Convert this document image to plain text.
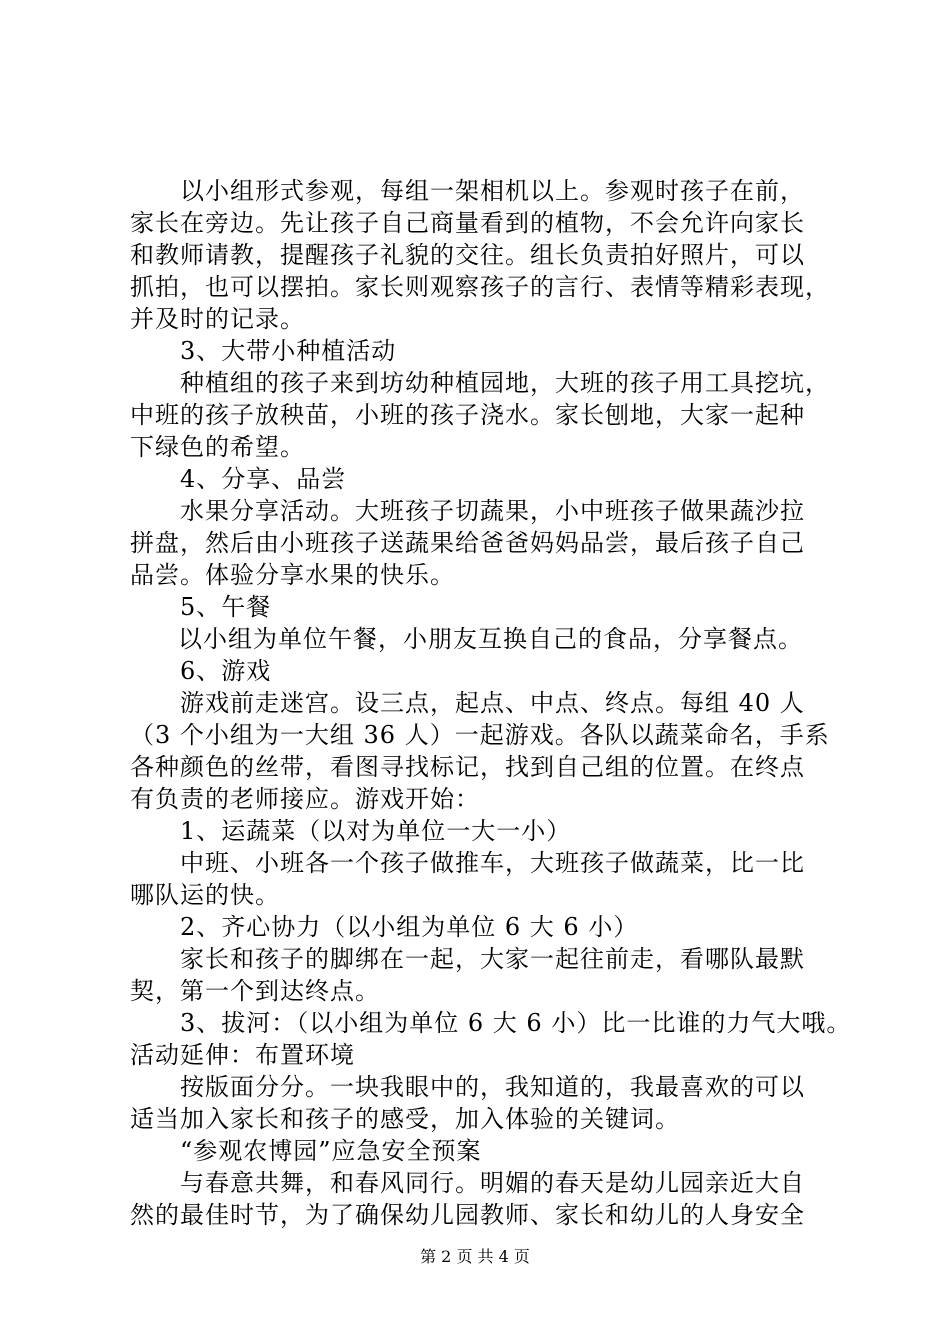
以小组形式参观，每组一架相机以上。参观时孩子在前，
家长在旁边。先让孩子自己商量看到的植物，不会允许向家长
和教师请教，提醒孩子礼貌的交往。组长负责拍好照片，可以
抓拍，也可以摆拍。家长则观察孩子的言行、表情等精彩表现，
并及时的记录。
3、大带小种植活动
种植组的孩子来到坊幼种植园地，大班的孩子用工具挖坑，
中班的孩子放秧苗，小班的孩子浇水。家长刨地，大家一起种
下绿色的希望。
4、分享、品尝
水果分享活动。大班孩子切蔬果，小中班孩子做果蔬沙拉
拼盘，然后由小班孩子送蔬果给爸爸妈妈品尝，最后孩子自己
品尝。体验分享水果的快乐。
5、午餐
以小组为单位午餐，小朋友互换自己的食品，分享餐点。
6、游戏
游戏前走迷宫。设三点，起点、中点、终点。每组 40 人
（3 个小组为一大组 36 人）一起游戏。各队以蔬菜命名，手系
各种颜色的丝带，看图寻找标记，找到自己组的位置。在终点
有负责的老师接应。游戏开始：
1、运蔬菜（以对为单位一大一小）
中班、小班各一个孩子做推车，大班孩子做蔬菜，比一比
哪队运的快。
2、齐心协力（以小组为单位 6 大 6 小）
家长和孩子的脚绑在一起，大家一起往前走，看哪队最默
契，第一个到达终点。
3、拔河：（以小组为单位 6 大 6 小）比一比谁的力气大哦。
活动延伸：布置环境
按版面分分。一块我眼中的，我知道的，我最喜欢的可以
适当加入家长和孩子的感受，加入体验的关键词。
“参观农博园”应急安全预案
与春意共舞，和春风同行。明媚的春天是幼儿园亲近大自
然的最佳时节，为了确保幼儿园教师、家长和幼儿的人身安全
第 2 页 共 4 页
